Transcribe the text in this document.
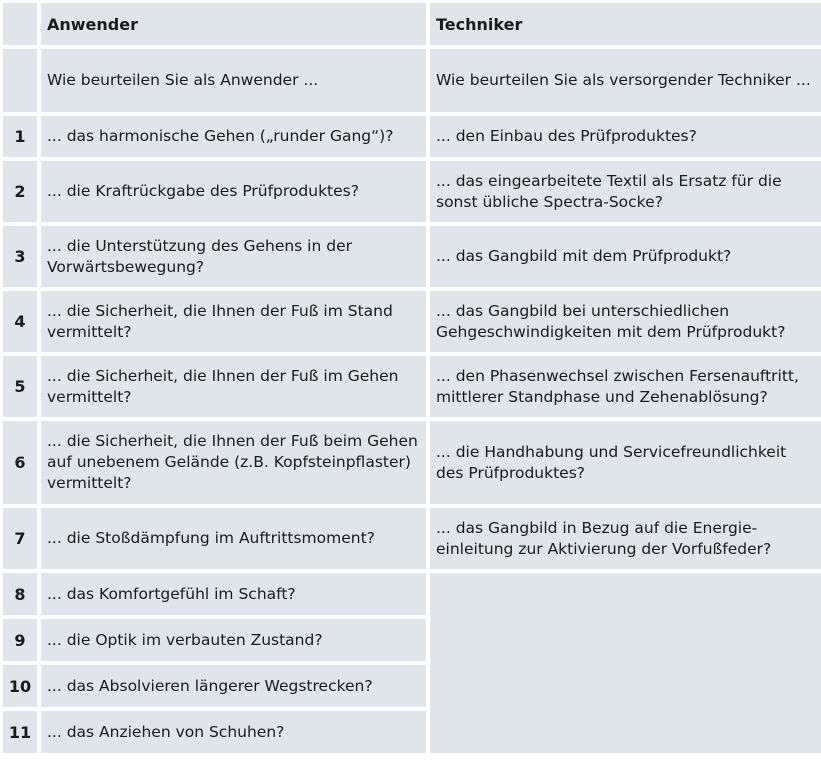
	Anwender	Techniker
	Wie beurteilen Sie als Anwender ...	Wie beurteilen Sie als versorgender Techniker ...
1	... das harmonische Gehen („runder Gang“)?	... den Einbau des Prüfproduktes?
2	... die Kraftrückgabe des Prüfproduktes?	... das eingearbeitete Textil als Ersatz für die sonst übliche Spectra-Socke?
3	... die Unterstützung des Gehens in der Vorwärtsbewegung?	... das Gangbild mit dem Prüfprodukt?
4	... die Sicherheit, die Ihnen der Fuß im Stand vermittelt?	... das Gangbild bei unterschiedlichen Gehgeschwindigkeiten mit dem Prüfprodukt?
5	... die Sicherheit, die Ihnen der Fuß im Gehen vermittelt?	... den Phasenwechsel zwischen Fersenauftritt, mittlerer Standphase und Zehenablösung?
6	... die Sicherheit, die Ihnen der Fuß beim Gehen auf unebenem Gelände (z.B. Kopfsteinpflaster) vermittelt?	... die Handhabung und Servicefreundlichkeit des Prüfproduktes?
7	... die Stoßdämpfung im Auftrittsmoment?	... das Gangbild in Bezug auf die Energie-einleitung zur Aktivierung der Vorfußfeder?
8	... das Komfortgefühl im Schaft?	
9	... die Optik im verbauten Zustand?	
10	... das Absolvieren längerer Wegstrecken?	
11	... das Anziehen von Schuhen?	
